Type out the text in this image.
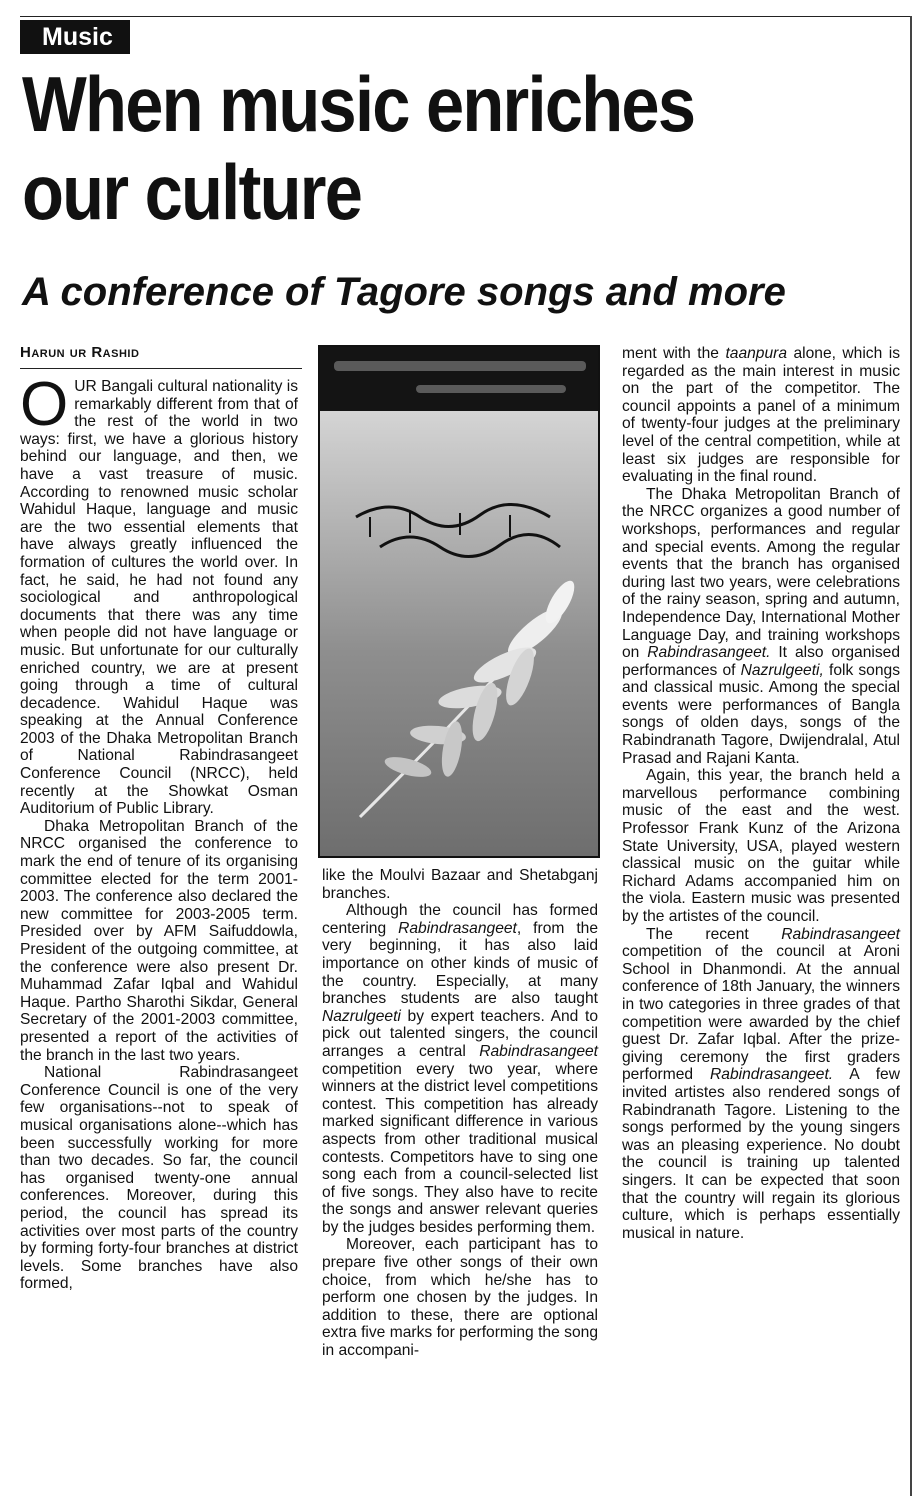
Music
When music enriches our culture
A conference of Tagore songs and more
Harun ur Rashid

OUR Bangali cultural nationality is remarkably different from that of the rest of the world in two ways: first, we have a glorious history behind our language, and then, we have a vast treasure of music. According to renowned music scholar Wahidul Haque, language and music are the two essential elements that have always greatly influenced the formation of cultures the world over. In fact, he said, he had not found any sociological and anthropological documents that there was any time when people did not have language or music. But unfortunate for our culturally enriched country, we are at present going through a time of cultural decadence. Wahidul Haque was speaking at the Annual Conference 2003 of the Dhaka Metropolitan Branch of National Rabindrasangeet Conference Council (NRCC), held recently at the Showkat Osman Auditorium of Public Library.

Dhaka Metropolitan Branch of the NRCC organised the conference to mark the end of tenure of its organising committee elected for the term 2001-2003. The conference also declared the new committee for 2003-2005 term. Presided over by AFM Saifuddowla, President of the outgoing committee, at the conference were also present Dr. Muhammad Zafar Iqbal and Wahidul Haque. Partho Sharothi Sikdar, General Secretary of the 2001-2003 committee, presented a report of the activities of the branch in the last two years.

National Rabindrasangeet Conference Council is one of the very few organisations--not to speak of musical organisations alone--which has been successfully working for more than two decades. So far, the council has organised twenty-one annual conferences. Moreover, during this period, the council has spread its activities over most parts of the country by forming forty-four branches at district levels. Some branches have also formed,

like the Moulvi Bazaar and Shetabganj branches.

Although the council has formed centering Rabindrasangeet, from the very beginning, it has also laid importance on other kinds of music of the country. Especially, at many branches students are also taught Nazrulgeeti by expert teachers. And to pick out talented singers, the council arranges a central Rabindrasangeet competition every two year, where winners at the district level competitions contest. This competition has already marked significant difference in various aspects from other traditional musical contests. Competitors have to sing one song each from a council-selected list of five songs. They also have to recite the songs and answer relevant queries by the judges besides performing them.

Moreover, each participant has to prepare five other songs of their own choice, from which he/she has to perform one chosen by the judges. In addition to these, there are optional extra five marks for performing the song in accompani-

ment with the taanpura alone, which is regarded as the main interest in music on the part of the competitor. The council appoints a panel of a minimum of twenty-four judges at the preliminary level of the central competition, while at least six judges are responsible for evaluating in the final round.

The Dhaka Metropolitan Branch of the NRCC organizes a good number of workshops, performances and regular and special events. Among the regular events that the branch has organised during last two years, were celebrations of the rainy season, spring and autumn, Independence Day, International Mother Language Day, and training workshops on Rabindrasangeet. It also organised performances of Nazrulgeeti, folk songs and classical music. Among the special events were performances of Bangla songs of olden days, songs of the Rabindranath Tagore, Dwijendralal, Atul Prasad and Rajani Kanta.

Again, this year, the branch held a marvellous performance combining music of the east and the west. Professor Frank Kunz of the Arizona State University, USA, played western classical music on the guitar while Richard Adams accompanied him on the viola. Eastern music was presented by the artistes of the council.

The recent Rabindrasangeet competition of the council at Aroni School in Dhanmondi. At the annual conference of 18th January, the winners in two categories in three grades of that competition were awarded by the chief guest Dr. Zafar Iqbal. After the prize-giving ceremony the first graders performed Rabindrasangeet. A few invited artistes also rendered songs of Rabindranath Tagore. Listening to the songs performed by the young singers was an pleasing experience. No doubt the council is training up talented singers. It can be expected that soon that the country will regain its glorious culture, which is perhaps essentially musical in nature.
